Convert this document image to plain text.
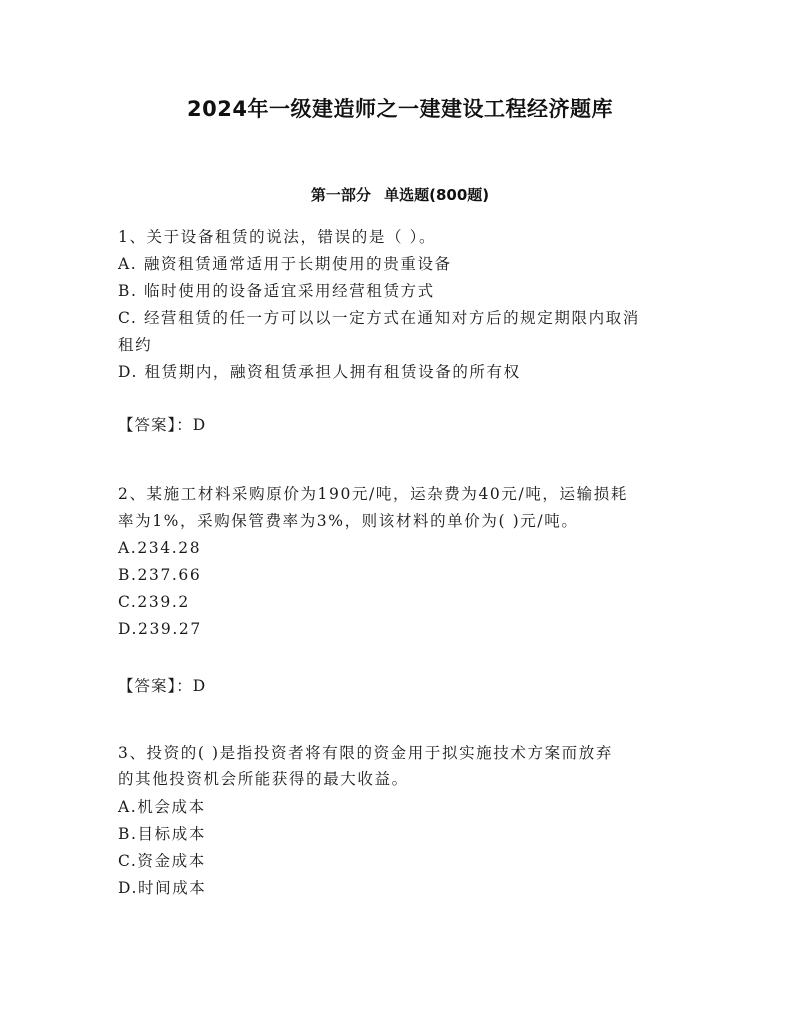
2024年一级建造师之一建建设工程经济题库
第一部分 单选题(800题)
1、关于设备租赁的说法，错误的是（ ）。
A. 融资租赁通常适用于长期使用的贵重设备
B. 临时使用的设备适宜采用经营租赁方式
C. 经营租赁的任一方可以以一定方式在通知对方后的规定期限内取消
租约
D. 租赁期内，融资租赁承担人拥有租赁设备的所有权
【答案】：D
2、某施工材料采购原价为190元/吨，运杂费为40元/吨，运输损耗
率为1%，采购保管费率为3%，则该材料的单价为( )元/吨。
A.234.28
B.237.66
C.239.2
D.239.27
【答案】：D
3、投资的( )是指投资者将有限的资金用于拟实施技术方案而放弃
的其他投资机会所能获得的最大收益。
A.机会成本
B.目标成本
C.资金成本
D.时间成本
